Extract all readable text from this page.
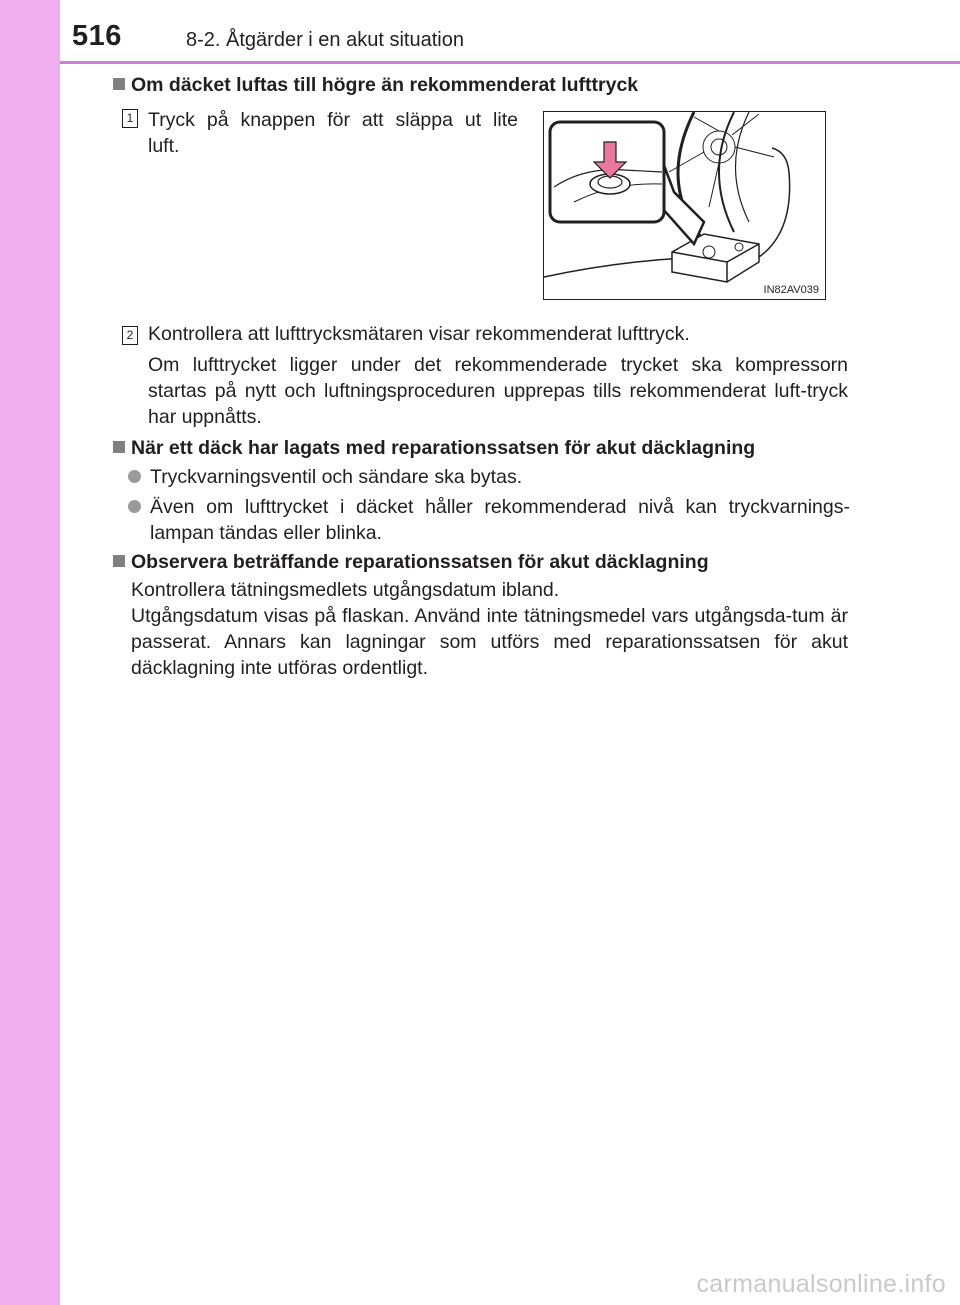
516	8-2. Åtgärder i en akut situation
Om däcket luftas till högre än rekommenderat lufttryck
1 Tryck på knappen för att släppa ut lite
luft.
IN82AV039
2 Kontrollera att lufttrycksmätaren visar rekommenderat lufttryck.
Om lufttrycket ligger under det rekommenderade trycket ska kompressorn startas på nytt och luftningsproceduren upprepas tills rekommenderat luft-tryck har uppnåtts.
När ett däck har lagats med reparationssatsen för akut däcklagning
Tryckvarningsventil och sändare ska bytas.
Även om lufttrycket i däcket håller rekommenderad nivå kan tryckvarnings-lampan tändas eller blinka.
Observera beträffande reparationssatsen för akut däcklagning
Kontrollera tätningsmedlets utgångsdatum ibland.
Utgångsdatum visas på flaskan. Använd inte tätningsmedel vars utgångsda-tum är passerat. Annars kan lagningar som utförs med reparationssatsen för akut däcklagning inte utföras ordentligt.
carmanualsonline.info
